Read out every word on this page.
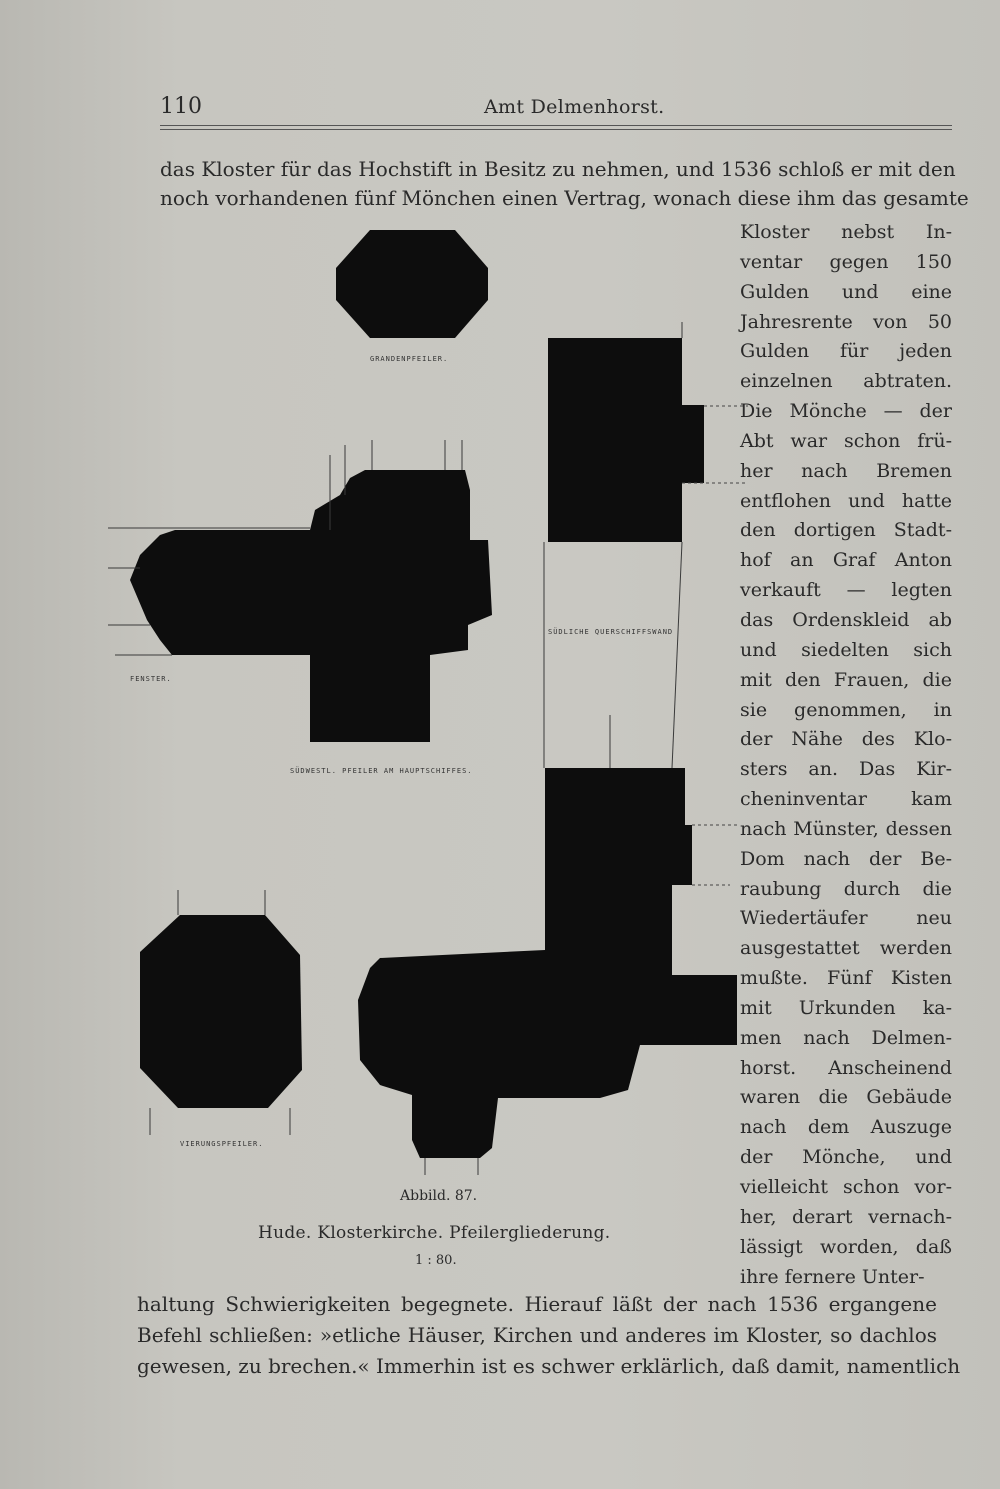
110	Amt Delmenhorst.
das Kloster für das Hochstift in Besitz zu nehmen, und 1536 schloß er mit den
noch vorhandenen fünf Mönchen einen Vertrag, wonach diese ihm das gesamte
GRANDENPFEILER.
FENSTER.
SÜDWESTL. PFEILER AM HAUPTSCHIFFES.
VIERUNGSPFEILER.
SÜDLICHE QUERSCHIFFSWAND
Abbild. 87.
Hude. Klosterkirche. Pfeilergliederung.
1 : 80.
Kloster nebst In-
ventar gegen 150
Gulden und eine
Jahresrente von 50
Gulden für jeden
einzelnen abtraten.
Die Mönche — der
Abt war schon frü-
her nach Bremen
entflohen und hatte
den dortigen Stadt-
hof an Graf Anton
verkauft — legten
das Ordenskleid ab
und siedelten sich
mit den Frauen, die
sie genommen, in
der Nähe des Klo-
sters an. Das Kir-
cheninventar kam
nach Münster, dessen
Dom nach der Be-
raubung durch die
Wiedertäufer neu
ausgestattet werden
mußte. Fünf Kisten
mit Urkunden ka-
men nach Delmen-
horst. Anscheinend
waren die Gebäude
nach dem Auszuge
der Mönche, und
vielleicht schon vor-
her, derart vernach-
lässigt worden, daß
ihre fernere Unter-
haltung Schwierigkeiten begegnete. Hierauf läßt der nach 1536 ergangene
Befehl schließen: »etliche Häuser, Kirchen und anderes im Kloster, so dachlos
gewesen, zu brechen.« Immerhin ist es schwer erklärlich, daß damit, namentlich
